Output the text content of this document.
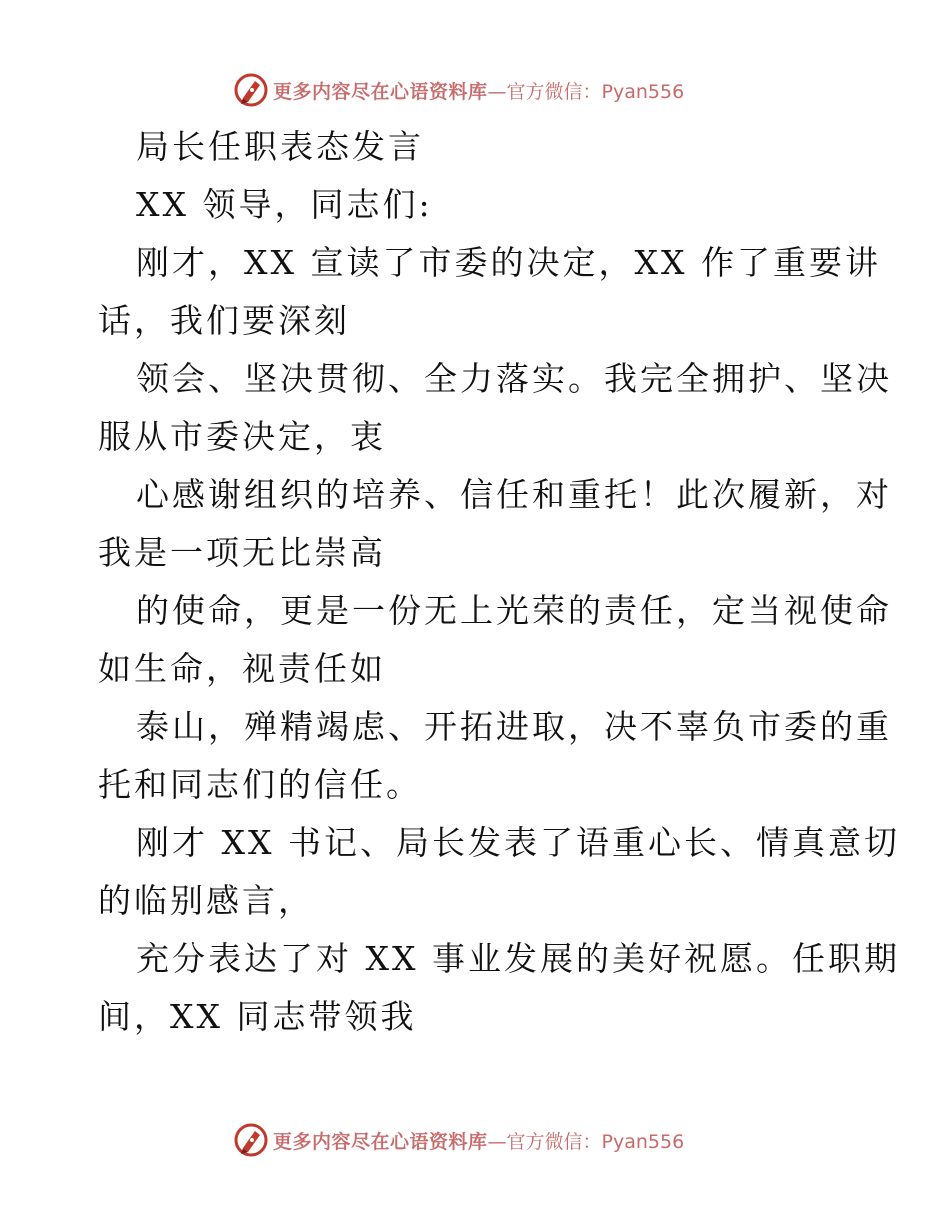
更多内容尽在心语资料库 —官方微信：Pyan556
局长任职表态发言
XX 领导，同志们:
刚才，XX 宣读了市委的决定，XX 作了重要讲
话，我们要深刻
领会、坚决贯彻、全力落实。我完全拥护、坚决
服从市委决定，衷
心感谢组织的培养、信任和重托！此次履新，对
我是一项无比崇高
的使命，更是一份无上光荣的责任，定当视使命
如生命，视责任如
泰山，殚精竭虑、开拓进取，决不辜负市委的重
托和同志们的信任。
刚才 XX 书记、局长发表了语重心长、情真意切
的临别感言，
充分表达了对 XX 事业发展的美好祝愿。任职期
间，XX 同志带领我
更多内容尽在心语资料库 —官方微信：Pyan556
